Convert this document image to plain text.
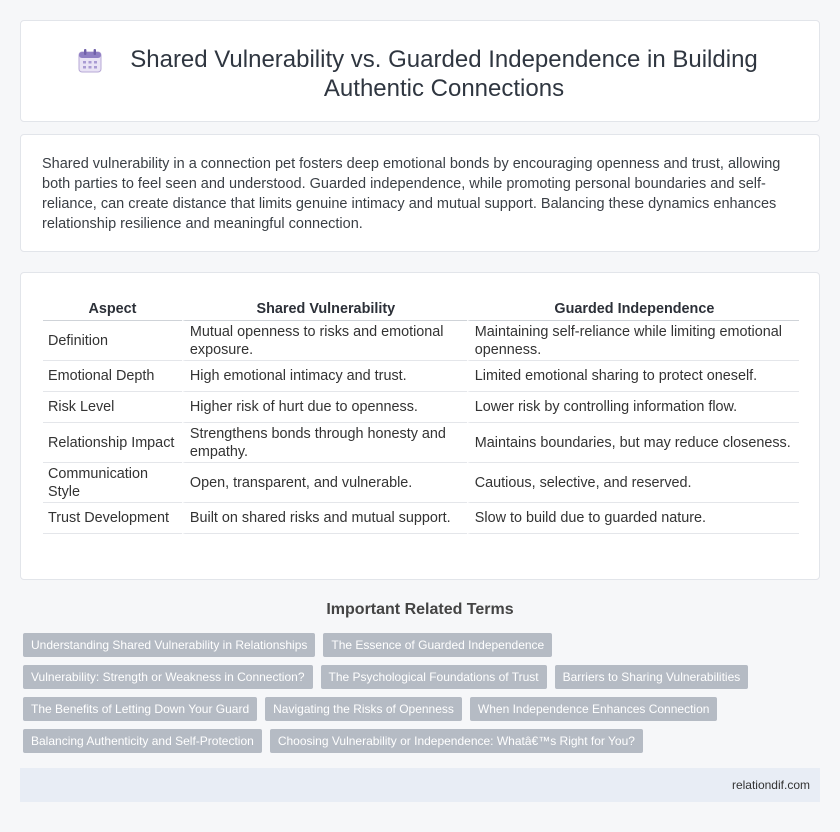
Shared Vulnerability vs. Guarded Independence in Building Authentic Connections

Shared vulnerability in a connection pet fosters deep emotional bonds by encouraging openness and trust, allowing both parties to feel seen and understood. Guarded independence, while promoting personal boundaries and self-reliance, can create distance that limits genuine intimacy and mutual support. Balancing these dynamics enhances relationship resilience and meaningful connection.

Aspect	Shared Vulnerability	Guarded Independence
Definition	Mutual openness to risks and emotional exposure.	Maintaining self-reliance while limiting emotional openness.
Emotional Depth	High emotional intimacy and trust.	Limited emotional sharing to protect oneself.
Risk Level	Higher risk of hurt due to openness.	Lower risk by controlling information flow.
Relationship Impact	Strengthens bonds through honesty and empathy.	Maintains boundaries, but may reduce closeness.
Communication Style	Open, transparent, and vulnerable.	Cautious, selective, and reserved.
Trust Development	Built on shared risks and mutual support.	Slow to build due to guarded nature.
Important Related Terms
Understanding Shared Vulnerability in Relationships	The Essence of Guarded Independence
Vulnerability: Strength or Weakness in Connection?	The Psychological Foundations of Trust	Barriers to Sharing Vulnerabilities
The Benefits of Letting Down Your Guard	Navigating the Risks of Openness	When Independence Enhances Connection
Balancing Authenticity and Self-Protection	Choosing Vulnerability or Independence: Whatâ€™s Right for You?
relationdif.com
